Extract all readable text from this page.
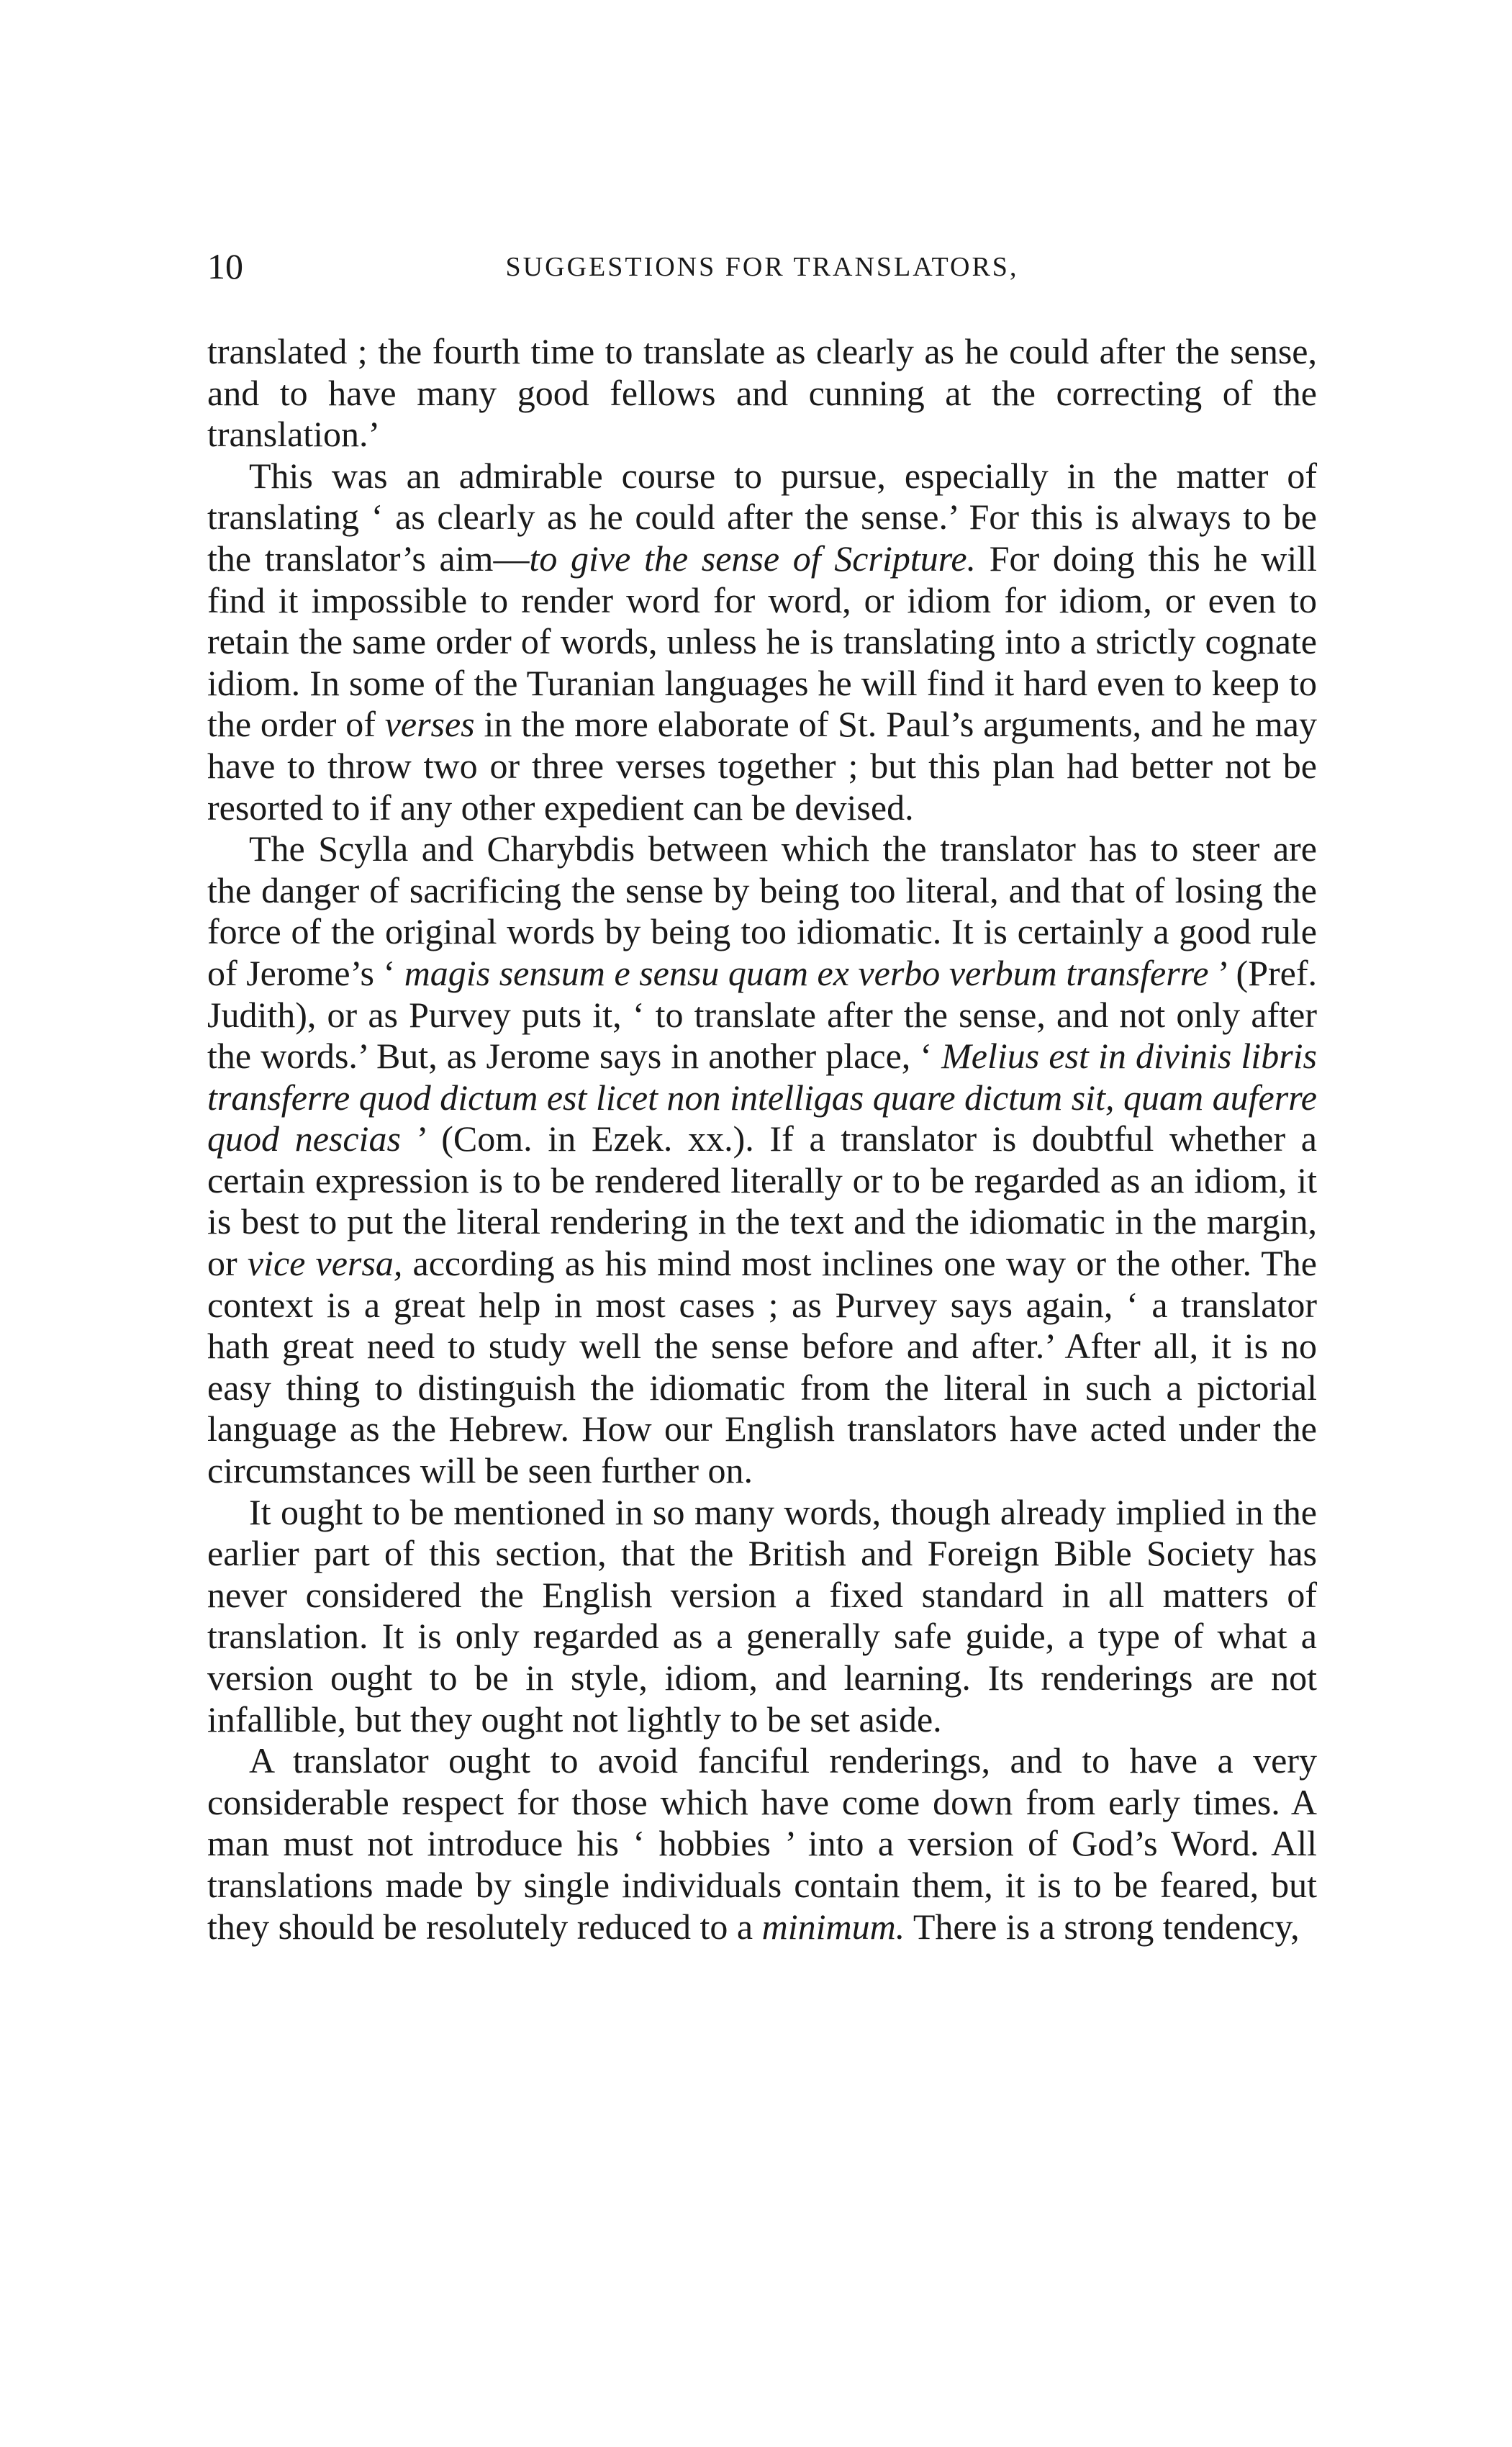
10	SUGGESTIONS FOR TRANSLATORS,

translated ; the fourth time to translate as clearly as he could after the sense, and to have many good fellows and cunning at the correcting of the translation.’

This was an admirable course to pursue, especially in the matter of translating ‘ as clearly as he could after the sense.’ For this is always to be the translator’s aim—to give the sense of Scripture. For doing this he will find it impossible to render word for word, or idiom for idiom, or even to retain the same order of words, unless he is translating into a strictly cognate idiom. In some of the Turanian languages he will find it hard even to keep to the order of verses in the more elaborate of St. Paul’s arguments, and he may have to throw two or three verses together ; but this plan had better not be resorted to if any other expedient can be devised.

The Scylla and Charybdis between which the translator has to steer are the danger of sacrificing the sense by being too literal, and that of losing the force of the original words by being too idiomatic. It is certainly a good rule of Jerome’s ‘ magis sensum e sensu quam ex verbo verbum transferre ’ (Pref. Judith), or as Purvey puts it, ‘ to translate after the sense, and not only after the words.’ But, as Jerome says in another place, ‘ Melius est in divinis libris transferre quod dictum est licet non intelligas quare dictum sit, quam auferre quod nescias ’ (Com. in Ezek. xx.). If a translator is doubtful whether a certain expression is to be rendered literally or to be regarded as an idiom, it is best to put the literal rendering in the text and the idiomatic in the margin, or vice versa, according as his mind most inclines one way or the other. The context is a great help in most cases ; as Purvey says again, ‘ a translator hath great need to study well the sense before and after.’ After all, it is no easy thing to distinguish the idiomatic from the literal in such a pictorial language as the Hebrew. How our English translators have acted under the circumstances will be seen further on.

It ought to be mentioned in so many words, though already implied in the earlier part of this section, that the British and Foreign Bible Society has never considered the English version a fixed standard in all matters of translation. It is only regarded as a generally safe guide, a type of what a version ought to be in style, idiom, and learning. Its renderings are not infallible, but they ought not lightly to be set aside.

A translator ought to avoid fanciful renderings, and to have a very considerable respect for those which have come down from early times. A man must not introduce his ‘ hobbies ’ into a version of God’s Word. All translations made by single individuals contain them, it is to be feared, but they should be resolutely reduced to a minimum. There is a strong tendency,
